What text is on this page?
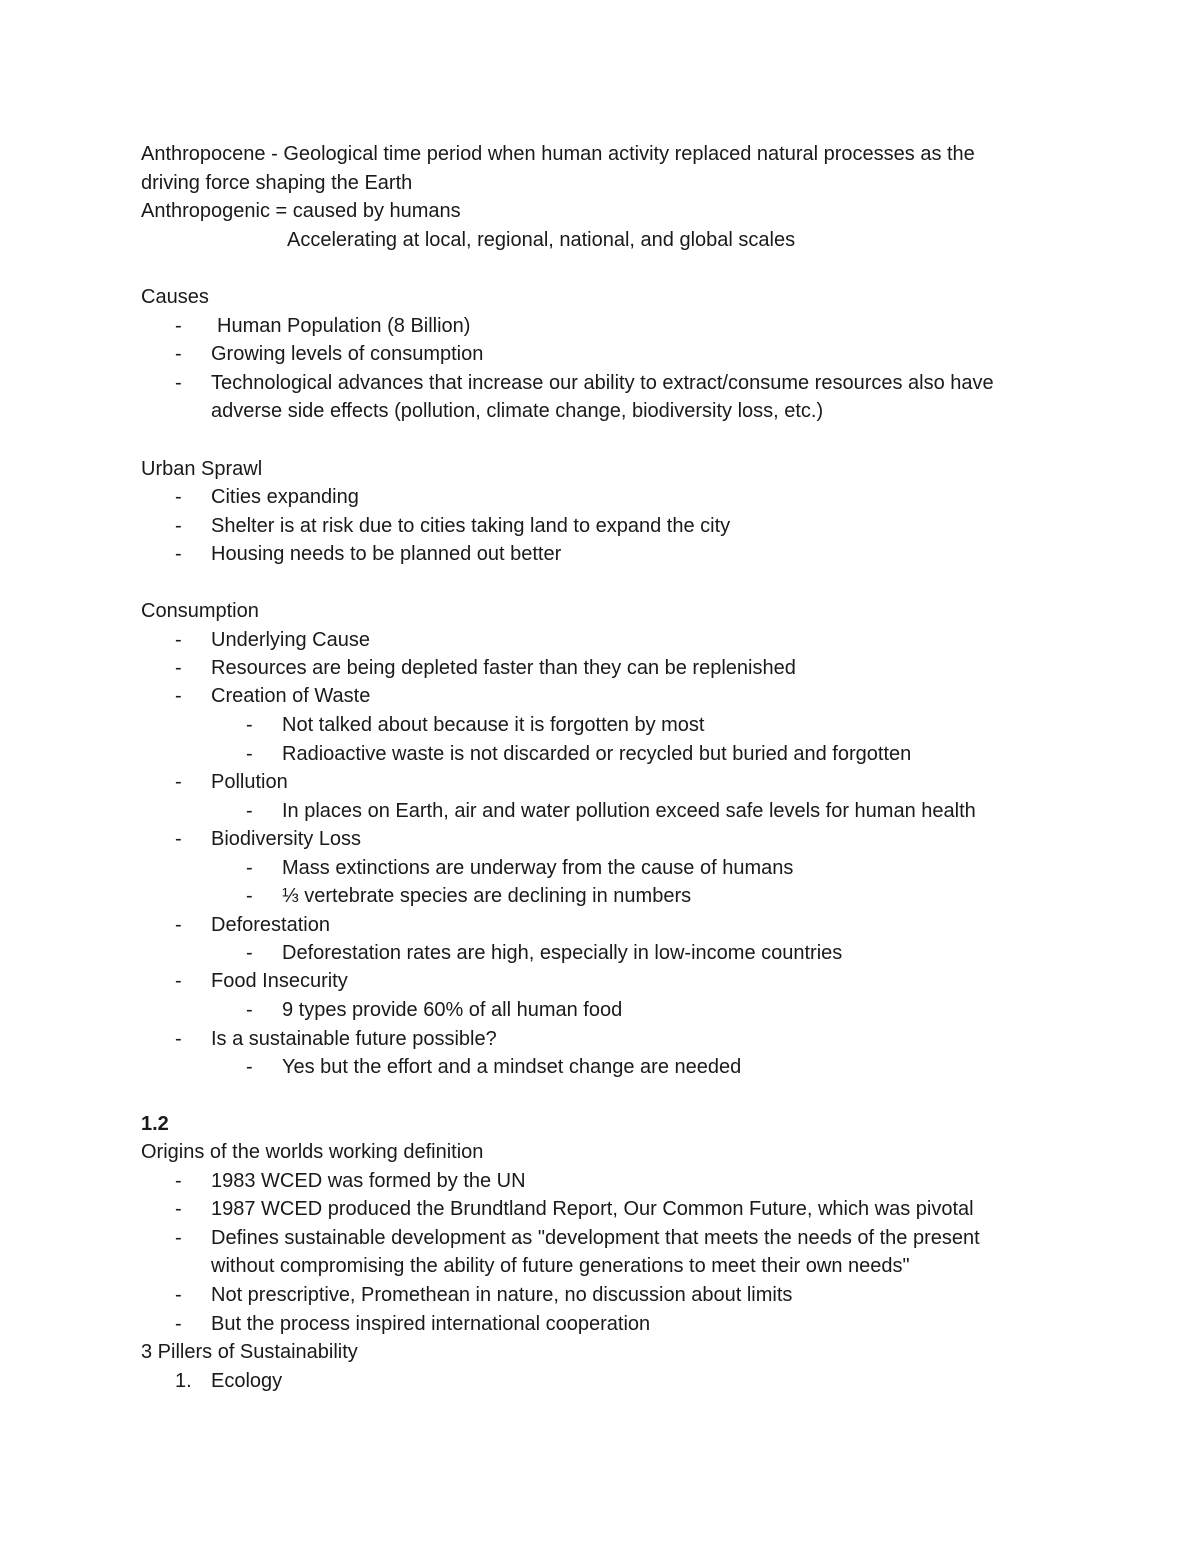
Anthropocene - Geological time period when human activity replaced natural processes as the
driving force shaping the Earth
Anthropogenic = caused by humans
Accelerating at local, regional, national, and global scales
Causes
-	Human Population (8 Billion)
-	Growing levels of consumption
-	Technological advances that increase our ability to extract/consume resources also have
adverse side effects (pollution, climate change, biodiversity loss, etc.)
Urban Sprawl
-	Cities expanding
-	Shelter is at risk due to cities taking land to expand the city
-	Housing needs to be planned out better
Consumption
-	Underlying Cause
-	Resources are being depleted faster than they can be replenished
-	Creation of Waste
-	Not talked about because it is forgotten by most
-	Radioactive waste is not discarded or recycled but buried and forgotten
-	Pollution
-	In places on Earth, air and water pollution exceed safe levels for human health
-	Biodiversity Loss
-	Mass extinctions are underway from the cause of humans
-	⅓ vertebrate species are declining in numbers
-	Deforestation
-	Deforestation rates are high, especially in low-income countries
-	Food Insecurity
-	9 types provide 60% of all human food
-	Is a sustainable future possible?
-	Yes but the effort and a mindset change are needed
1.2
Origins of the worlds working definition
-	1983 WCED was formed by the UN
-	1987 WCED produced the Brundtland Report, Our Common Future, which was pivotal
-	Defines sustainable development as "development that meets the needs of the present
without compromising the ability of future generations to meet their own needs"
-	Not prescriptive, Promethean in nature, no discussion about limits
-	But the process inspired international cooperation
3 Pillers of Sustainability
1. Ecology
